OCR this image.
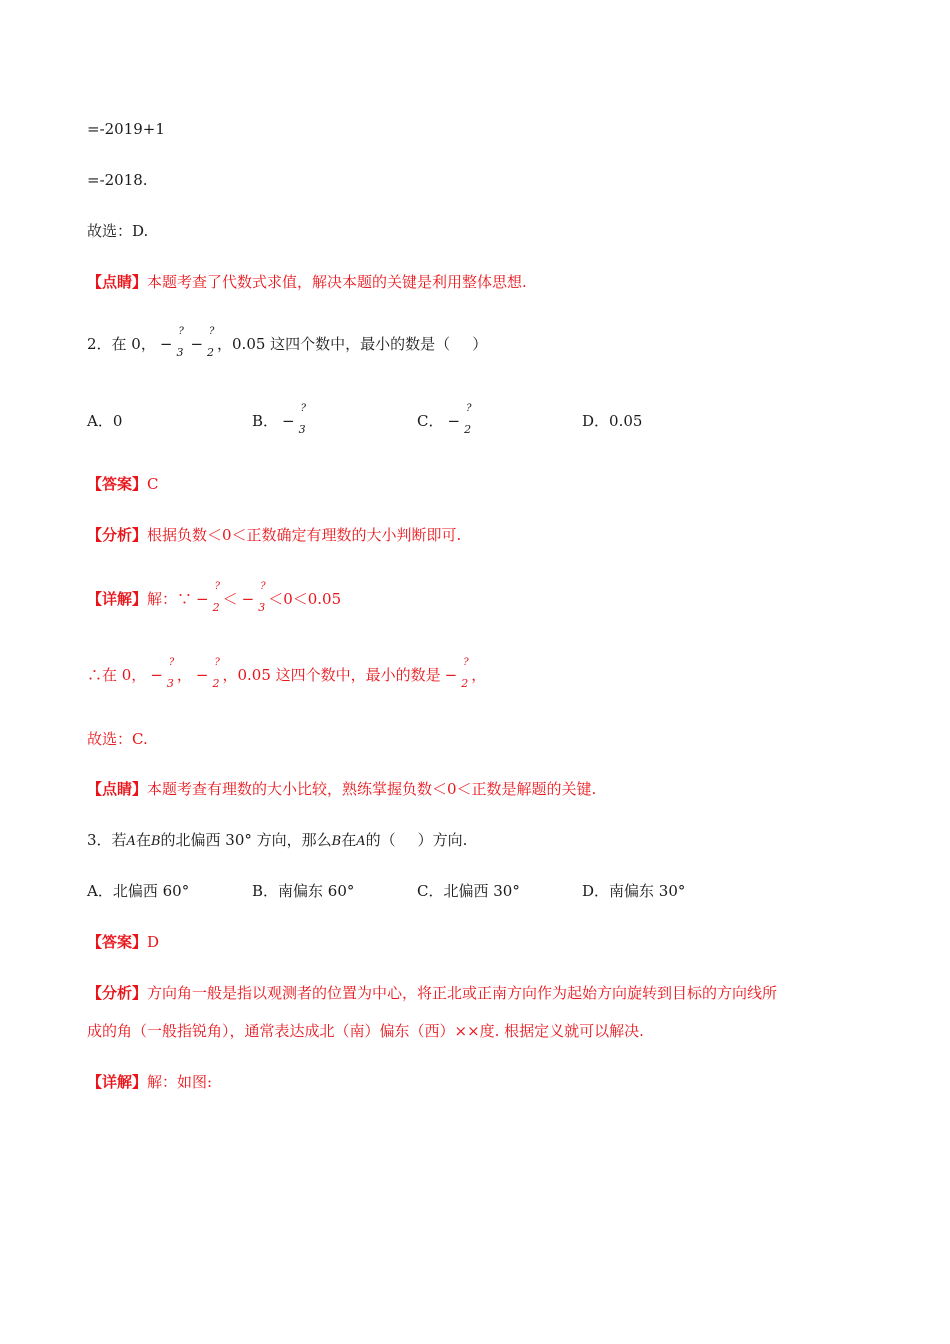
=-2019+1
=-2018.
故选：D.
【点睛】本题考查了代数式求值，解决本题的关键是利用整体思想.
2．在 0， −
?
3 −
?
2 ，0.05 这四个数中，最小的数是（ ）
A．0	B． −
?
3	C． −
?
2	D．0.05
【答案】C
【分析】根据负数＜0＜正数确定有理数的大小判断即可.
【详解】解：∵ −
?
2 ＜ −
?
3 ＜0＜0.05
∴在 0， −
?
3 ， −
?
2 ，0.05 这四个数中，最小的数是 −
?
2 ，
故选：C.
【点睛】本题考查有理数的大小比较，熟练掌握负数＜0＜正数是解题的关键.
3．若A在B的北偏西 30° 方向，那么B在A的（ ）方向.
A．北偏西 60°	B．南偏东 60°	C．北偏西 30°	D．南偏东 30°
【答案】D
【分析】方向角一般是指以观测者的位置为中心，将正北或正南方向作为起始方向旋转到目标的方向线所
成的角（一般指锐角），通常表达成北（南）偏东（西）××度. 根据定义就可以解决.
【详解】解：如图:
